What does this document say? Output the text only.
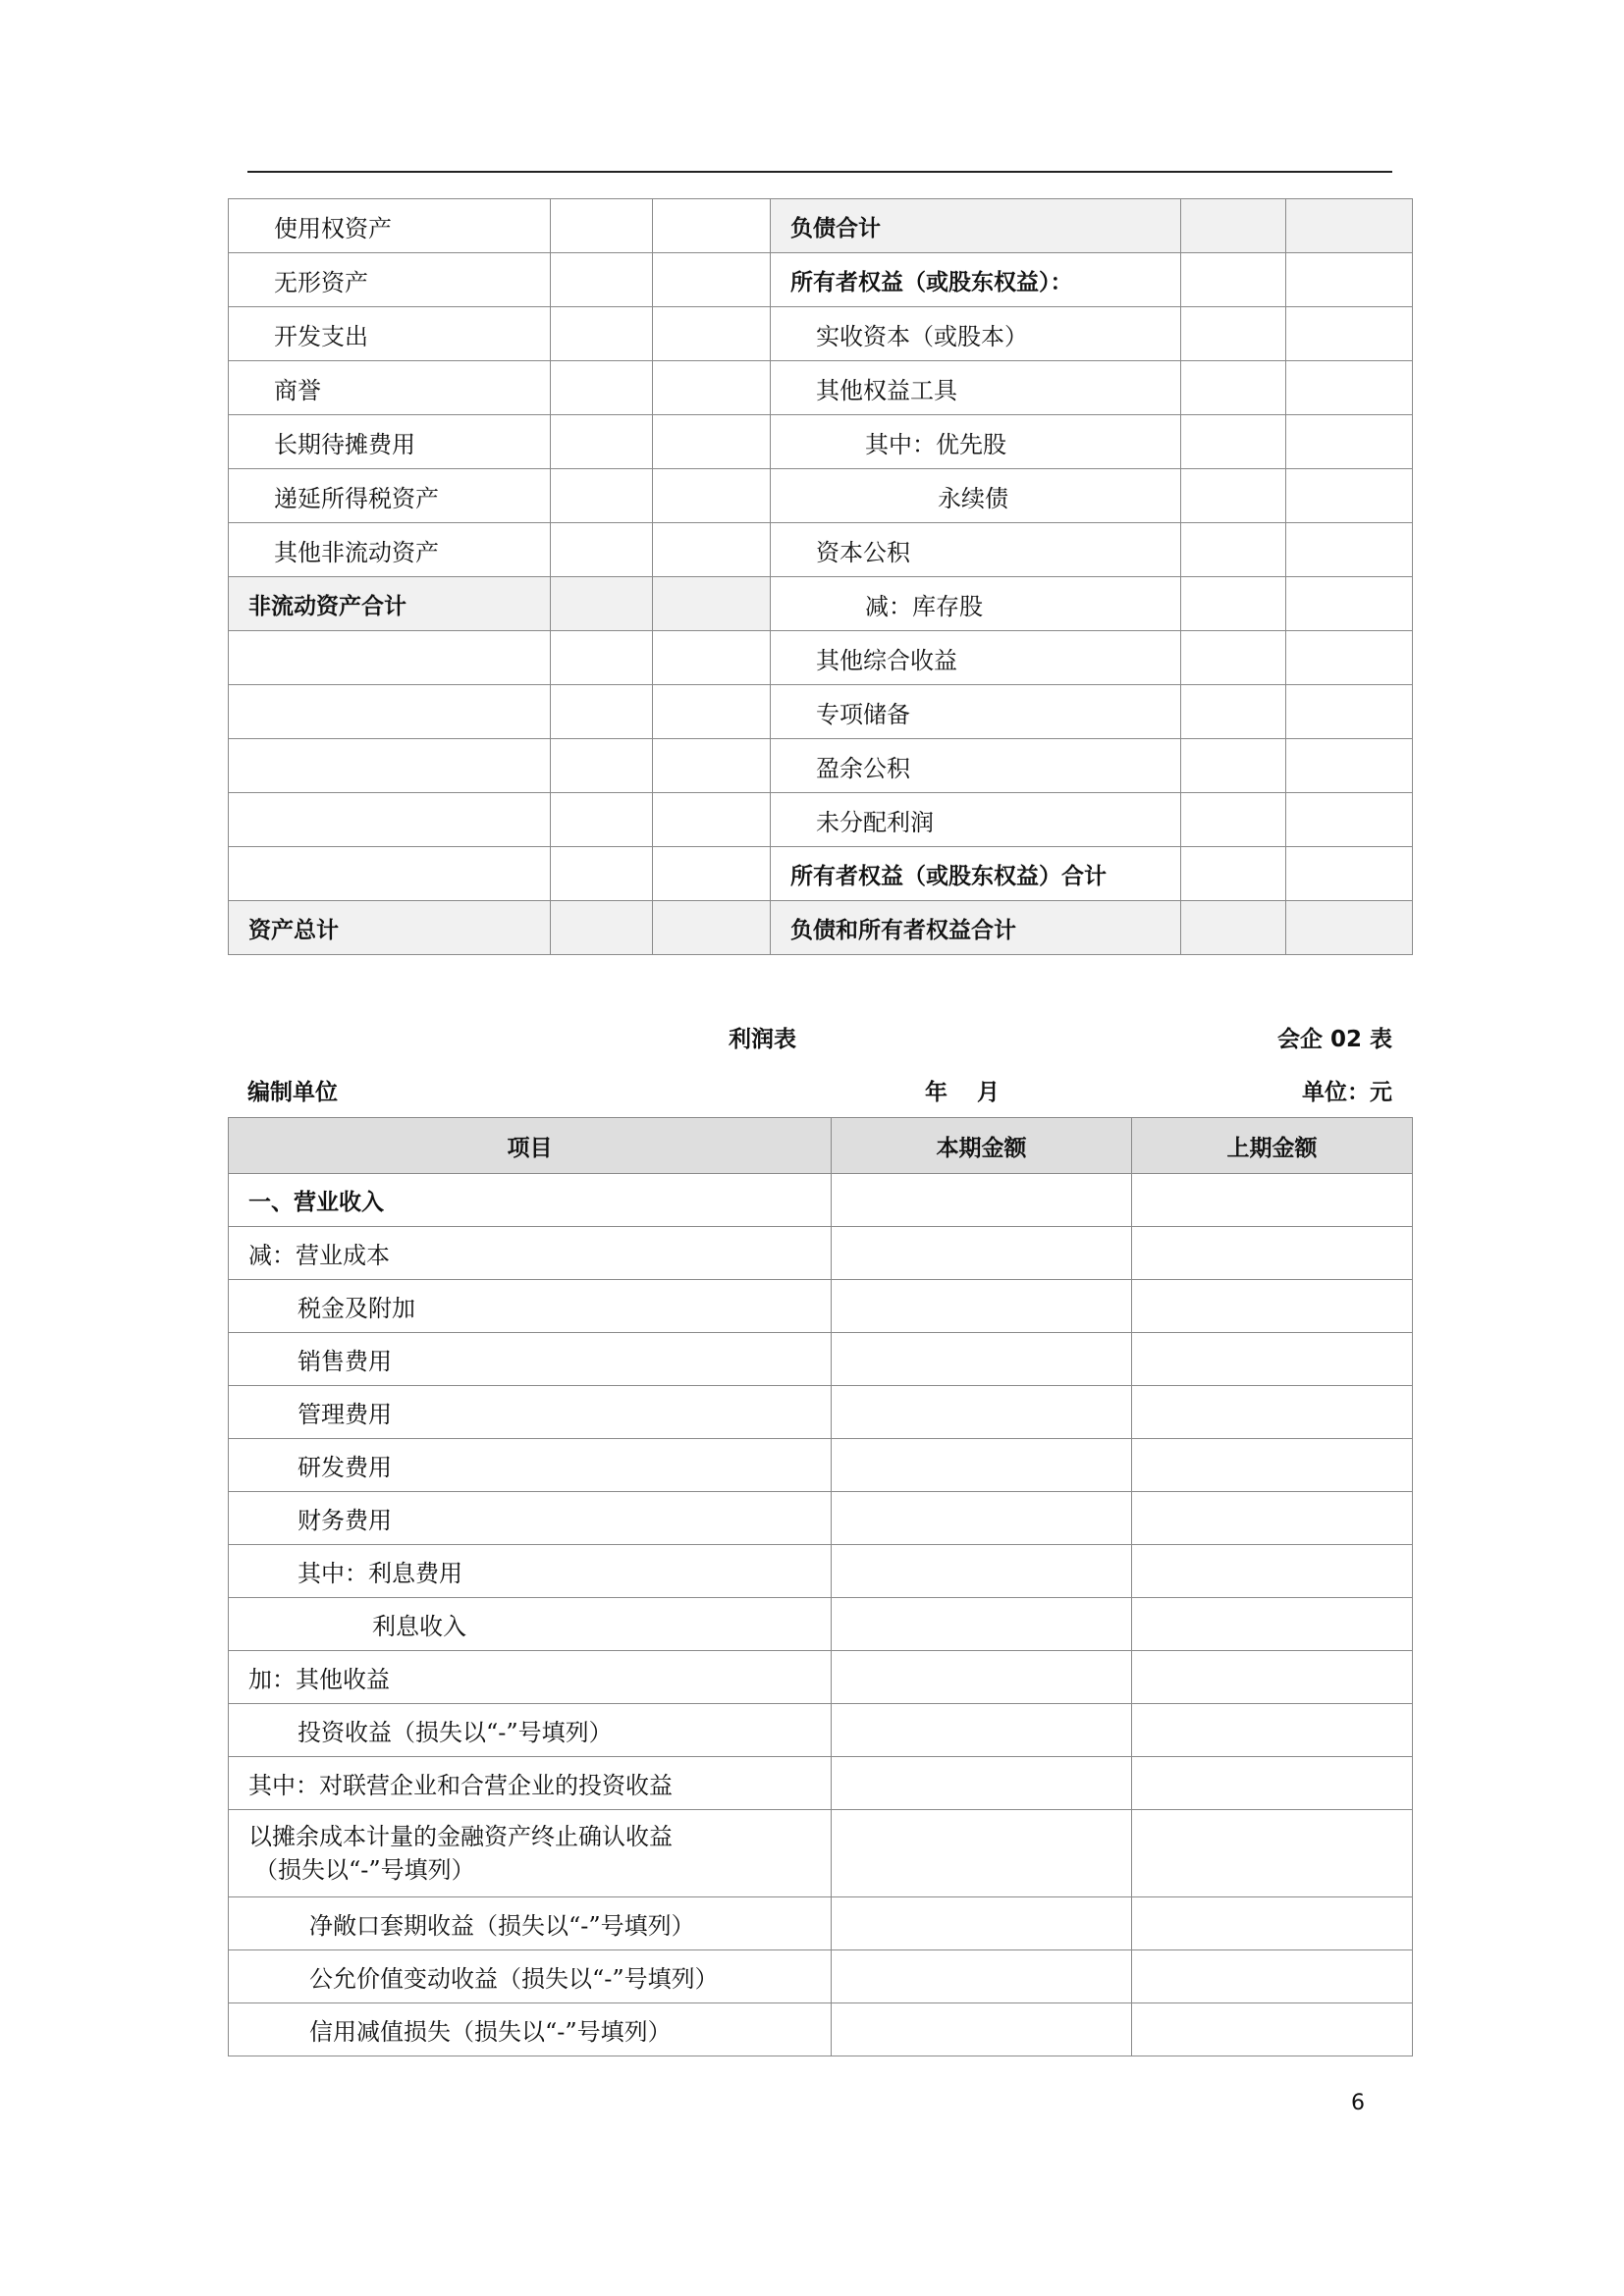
使用权资产			负债合计		
无形资产			所有者权益（或股东权益）：		
开发支出			实收资本（或股本）		
商誉			其他权益工具		
长期待摊费用			其中：优先股		
递延所得税资产			永续债		
其他非流动资产			资本公积		
非流动资产合计			减：库存股		
			其他综合收益		
			专项储备		
			盈余公积		
			未分配利润		
			所有者权益（或股东权益）合计		
资产总计			负债和所有者权益合计		
利润表	会企 02 表
编制单位	年 月	单位：元
项目	本期金额	上期金额
一、营业收入		
减：营业成本		
税金及附加		
销售费用		
管理费用		
研发费用		
财务费用		
其中：利息费用		
利息收入		
加：其他收益		
投资收益（损失以“-”号填列）		
其中：对联营企业和合营企业的投资收益		
以摊余成本计量的金融资产终止确认收益
（损失以“-”号填列）		

净敞口套期收益（损失以“-”号填列）		
公允价值变动收益（损失以“-”号填列）		
信用减值损失（损失以“-”号填列）		
6
